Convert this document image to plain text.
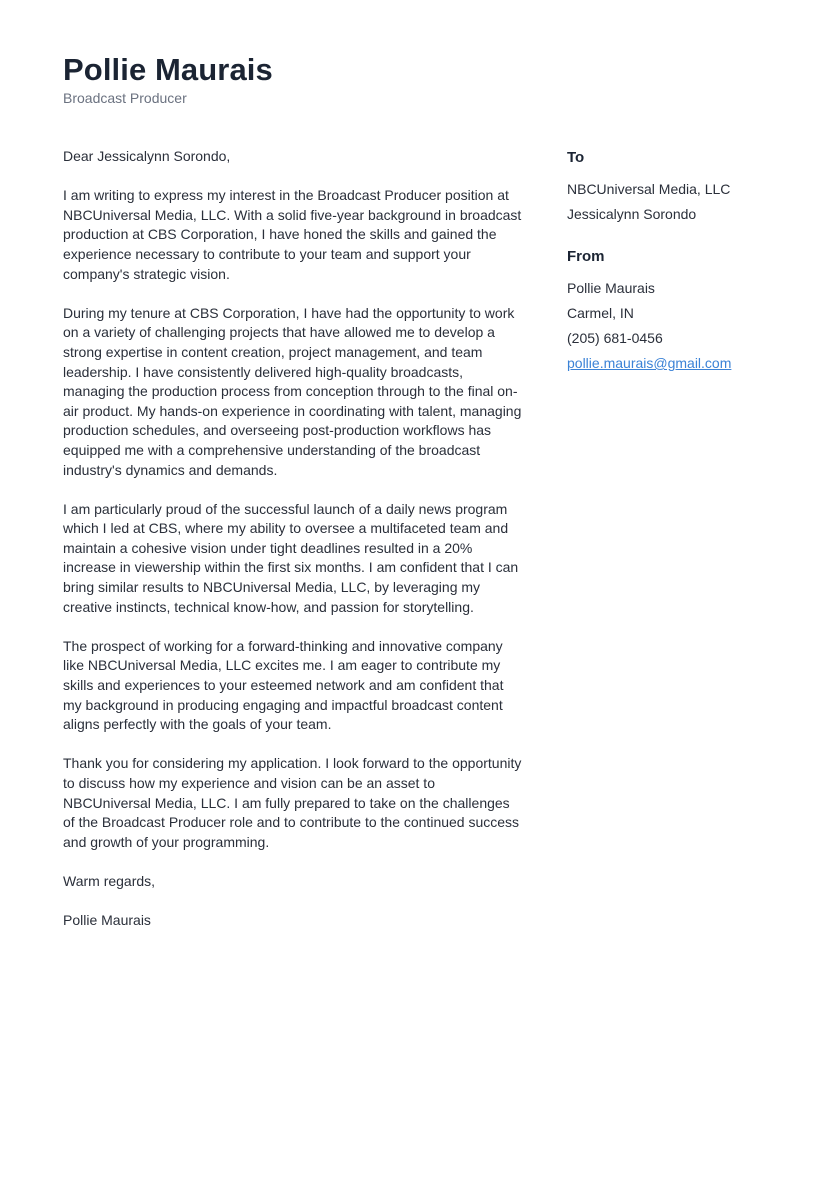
Pollie Maurais
Broadcast Producer

Dear Jessicalynn Sorondo,

I am writing to express my interest in the Broadcast Producer position at NBCUniversal Media, LLC. With a solid five-year background in broadcast production at CBS Corporation, I have honed the skills and gained the experience necessary to contribute to your team and support your company's strategic vision.

During my tenure at CBS Corporation, I have had the opportunity to work on a variety of challenging projects that have allowed me to develop a strong expertise in content creation, project management, and team leadership. I have consistently delivered high-quality broadcasts, managing the production process from conception through to the final on-air product. My hands-on experience in coordinating with talent, managing production schedules, and overseeing post-production workflows has equipped me with a comprehensive understanding of the broadcast industry's dynamics and demands.

I am particularly proud of the successful launch of a daily news program which I led at CBS, where my ability to oversee a multifaceted team and maintain a cohesive vision under tight deadlines resulted in a 20% increase in viewership within the first six months. I am confident that I can bring similar results to NBCUniversal Media, LLC, by leveraging my creative instincts, technical know-how, and passion for storytelling.

The prospect of working for a forward-thinking and innovative company like NBCUniversal Media, LLC excites me. I am eager to contribute my skills and experiences to your esteemed network and am confident that my background in producing engaging and impactful broadcast content aligns perfectly with the goals of your team.

Thank you for considering my application. I look forward to the opportunity to discuss how my experience and vision can be an asset to NBCUniversal Media, LLC. I am fully prepared to take on the challenges of the Broadcast Producer role and to contribute to the continued success and growth of your programming.

Warm regards,

Pollie Maurais

To
NBCUniversal Media, LLC
Jessicalynn Sorondo
From
Pollie Maurais
Carmel, IN
(205) 681-0456
pollie.maurais@gmail.com
